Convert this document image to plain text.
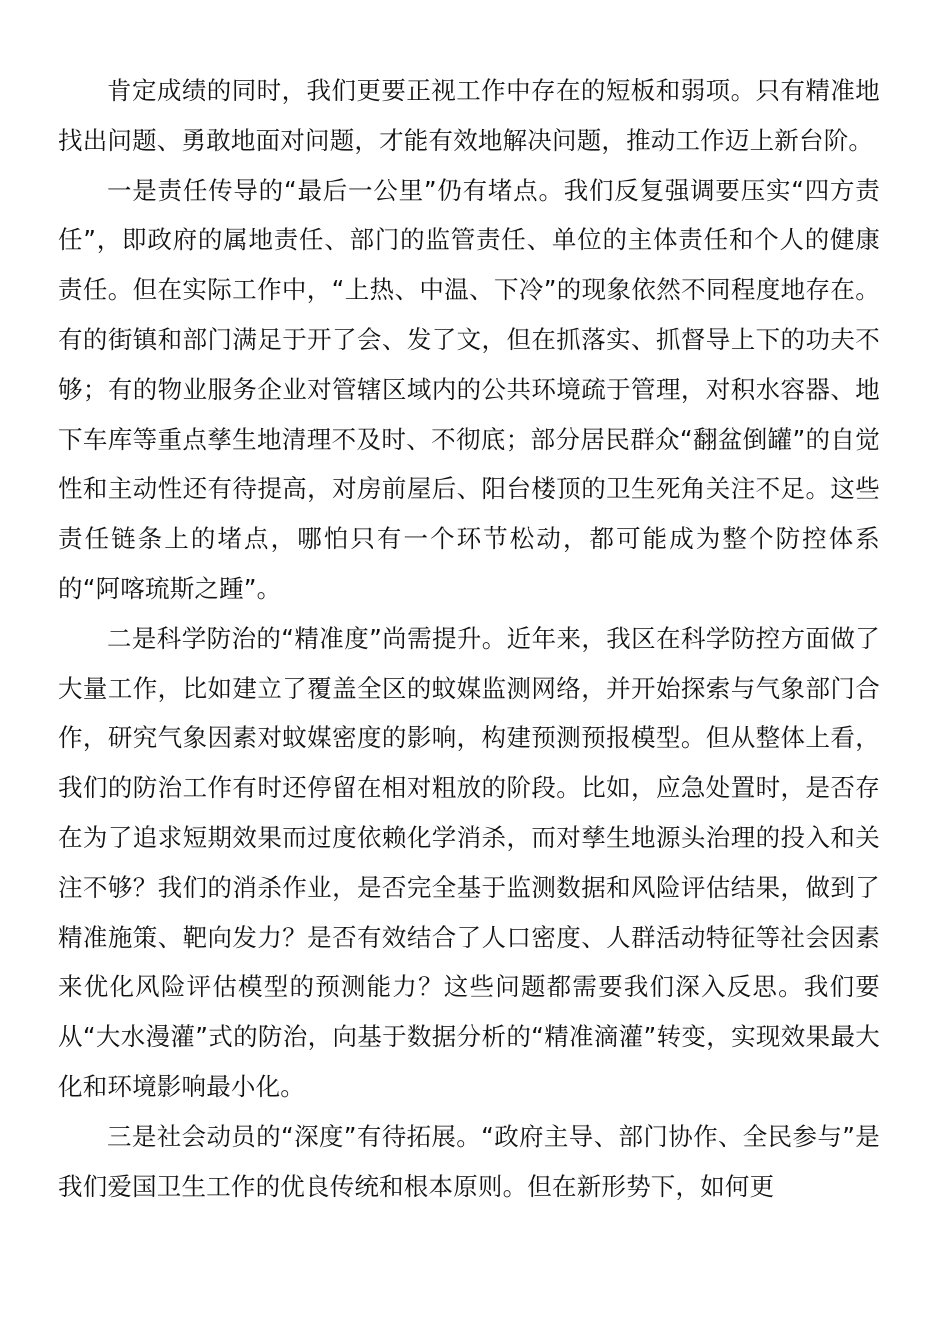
肯定成绩的同时，我们更要正视工作中存在的短板和弱项。只有精准地找出问题、勇敢地面对问题，才能有效地解决问题，推动工作迈上新台阶。

一是责任传导的“最后一公里”仍有堵点。我们反复强调要压实“四方责任”，即政府的属地责任、部门的监管责任、单位的主体责任和个人的健康责任。但在实际工作中，“上热、中温、下冷”的现象依然不同程度地存在。有的街镇和部门满足于开了会、发了文，但在抓落实、抓督导上下的功夫不够；有的物业服务企业对管辖区域内的公共环境疏于管理，对积水容器、地下车库等重点孳生地清理不及时、不彻底；部分居民群众“翻盆倒罐”的自觉性和主动性还有待提高，对房前屋后、阳台楼顶的卫生死角关注不足。这些责任链条上的堵点，哪怕只有一个环节松动，都可能成为整个防控体系的“阿喀琉斯之踵”。

二是科学防治的“精准度”尚需提升。近年来，我区在科学防控方面做了大量工作，比如建立了覆盖全区的蚊媒监测网络，并开始探索与气象部门合作，研究气象因素对蚊媒密度的影响，构建预测预报模型。但从整体上看，我们的防治工作有时还停留在相对粗放的阶段。比如，应急处置时，是否存在为了追求短期效果而过度依赖化学消杀，而对孳生地源头治理的投入和关注不够？我们的消杀作业，是否完全基于监测数据和风险评估结果，做到了精准施策、靶向发力？是否有效结合了人口密度、人群活动特征等社会因素来优化风险评估模型的预测能力？这些问题都需要我们深入反思。我们要从“大水漫灌”式的防治，向基于数据分析的“精准滴灌”转变，实现效果最大化和环境影响最小化。

三是社会动员的“深度”有待拓展。“政府主导、部门协作、全民参与”是我们爱国卫生工作的优良传统和根本原则。但在新形势下，如何更
